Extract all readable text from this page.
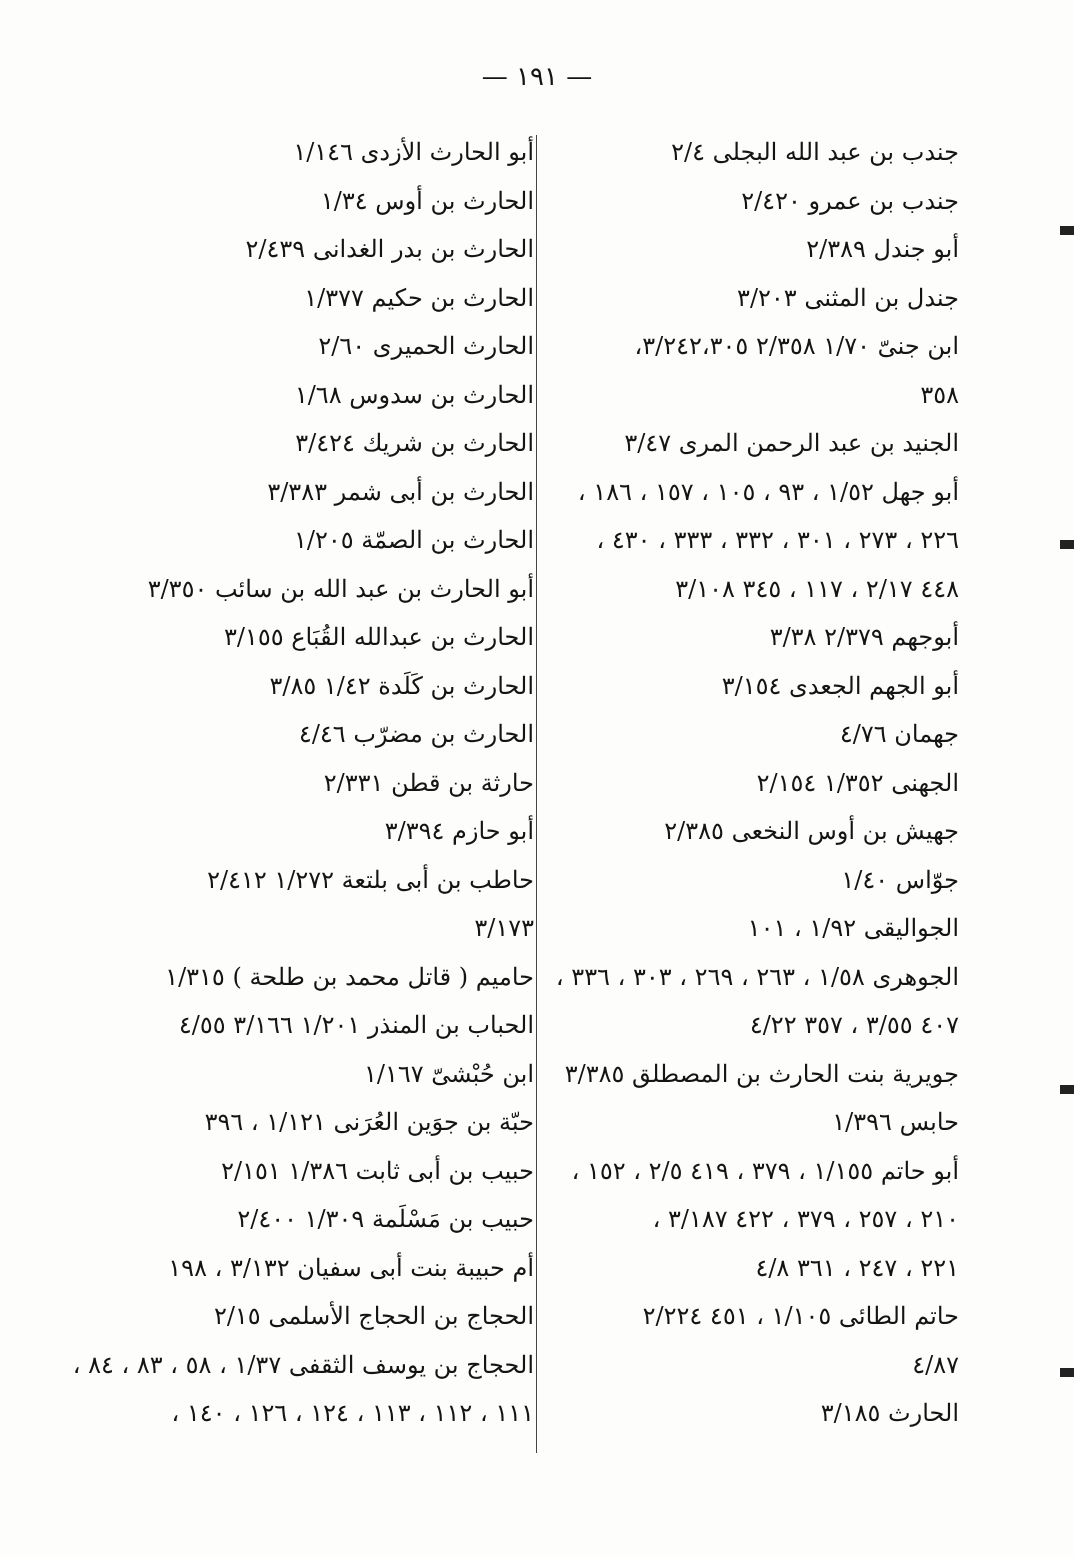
— ١٩١ —
جندب بن عبد الله البجلى ٢/٤
جندب بن عمرو ٢/٤٢٠
أبو جندل ٢/٣٨٩
جندل بن المثنى ٣/٢٠٣
ابن جنىّ ١/٧٠ ٢/٣٥٨ ٣/٢٤٢،٣٠٥،
٣٥٨
الجنيد بن عبد الرحمن المرى ٣/٤٧
أبو جهل ١/٥٢ ، ٩٣ ، ١٠٥ ، ١٥٧ ، ١٨٦ ،
٢٢٦ ، ٢٧٣ ، ٣٠١ ، ٣٣٢ ، ٣٣٣ ، ٤٣٠ ،
٤٤٨ ٢/١٧ ، ١١٧ ، ٣٤٥ ٣/١٠٨
أبوجهم ٢/٣٧٩ ٣/٣٨
أبو الجهم الجعدى ٣/١٥٤
جهمان ٤/٧٦
الجهنى ١/٣٥٢ ٢/١٥٤
جهيش بن أوس النخعى ٢/٣٨٥
جوّاس ١/٤٠
الجواليقى ١/٩٢ ، ١٠١
الجوهرى ١/٥٨ ، ٢٦٣ ، ٢٦٩ ، ٣٠٣ ، ٣٣٦ ،
٤٠٧ ٣/٥٥ ، ٣٥٧ ٤/٢٢
جويرية بنت الحارث بن المصطلق ٣/٣٨٥
حابس ١/٣٩٦
أبو حاتم ١/١٥٥ ، ٣٧٩ ، ٤١٩ ٢/٥ ، ١٥٢ ،
٢١٠ ، ٢٥٧ ، ٣٧٩ ، ٤٢٢ ٣/١٨٧ ،
٢٢١ ، ٢٤٧ ، ٣٦١ ٤/٨
حاتم الطائى ١/١٠٥ ، ٤٥١ ٢/٢٢٤
٤/٨٧
الحارث ٣/١٨٥
أبو الحارث الأزدى ١/١٤٦
الحارث بن أوس ١/٣٤
الحارث بن بدر الغدانى ٢/٤٣٩
الحارث بن حكيم ١/٣٧٧
الحارث الحميرى ٢/٦٠
الحارث بن سدوس ١/٦٨
الحارث بن شريك ٣/٤٢٤
الحارث بن أبى شمر ٣/٣٨٣
الحارث بن الصمّة ١/٢٠٥
أبو الحارث بن عبد الله بن سائب ٣/٣٥٠
الحارث بن عبدالله القُبَاع ٣/١٥٥
الحارث بن كَلَدة ١/٤٢ ٣/٨٥
الحارث بن مضرّب ٤/٤٦
حارثة بن قطن ٢/٣٣١
أبو حازم ٣/٣٩٤
حاطب بن أبى بلتعة ١/٢٧٢ ٢/٤١٢
٣/١٧٣
حاميم ( قاتل محمد بن طلحة ) ١/٣١٥
الحباب بن المنذر ١/٢٠١ ٣/١٦٦ ٤/٥٥
ابن حُبْشىّ ١/١٦٧
حبّة بن جوَين العُرَنى ١/١٢١ ، ٣٩٦
حبيب بن أبى ثابت ١/٣٨٦ ٢/١٥١
حبيب بن مَسْلَمة ١/٣٠٩ ٢/٤٠٠
أم حبيبة بنت أبى سفيان ٣/١٣٢ ، ١٩٨
الحجاج بن الحجاج الأسلمى ٢/١٥
الحجاج بن يوسف الثقفى ١/٣٧ ، ٥٨ ، ٨٣ ، ٨٤ ،
١١١ ، ١١٢ ، ١١٣ ، ١٢٤ ، ١٢٦ ، ١٤٠ ،
